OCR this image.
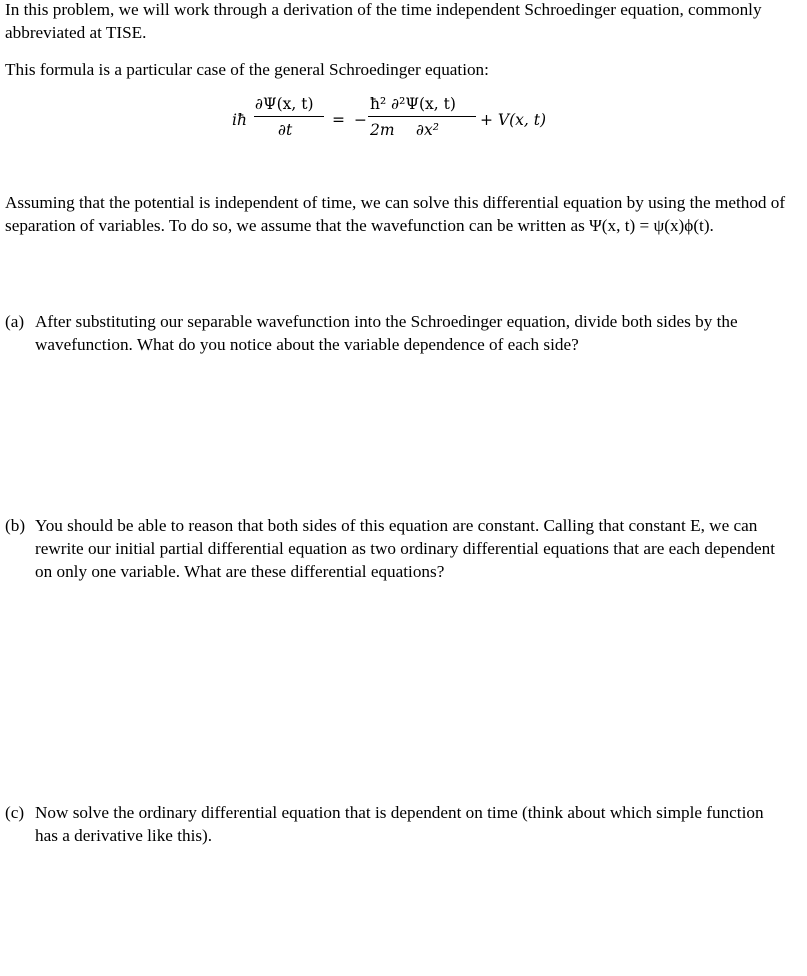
In this problem, we will work through a derivation of the time independent Schroedinger equation, commonly abbreviated at TISE.

This formula is a particular case of the general Schroedinger equation:

iħ
∂Ψ(x, t)
∂t
= −
ħ² ∂²Ψ(x, t)
2m ∂x²
+ V(x, t)

Assuming that the potential is independent of time, we can solve this differential equation by using the method of separation of variables. To do so, we assume that the wavefunction can be written as Ψ(x, t) = ψ(x)ϕ(t).

(a) After substituting our separable wavefunction into the Schroedinger equation, divide both sides by the wavefunction. What do you notice about the variable dependence of each side?
(b) You should be able to reason that both sides of this equation are constant. Calling that constant E, we can rewrite our initial partial differential equation as two ordinary differential equations that are each dependent on only one variable. What are these differential equations?
(c) Now solve the ordinary differential equation that is dependent on time (think about which simple function has a derivative like this).
